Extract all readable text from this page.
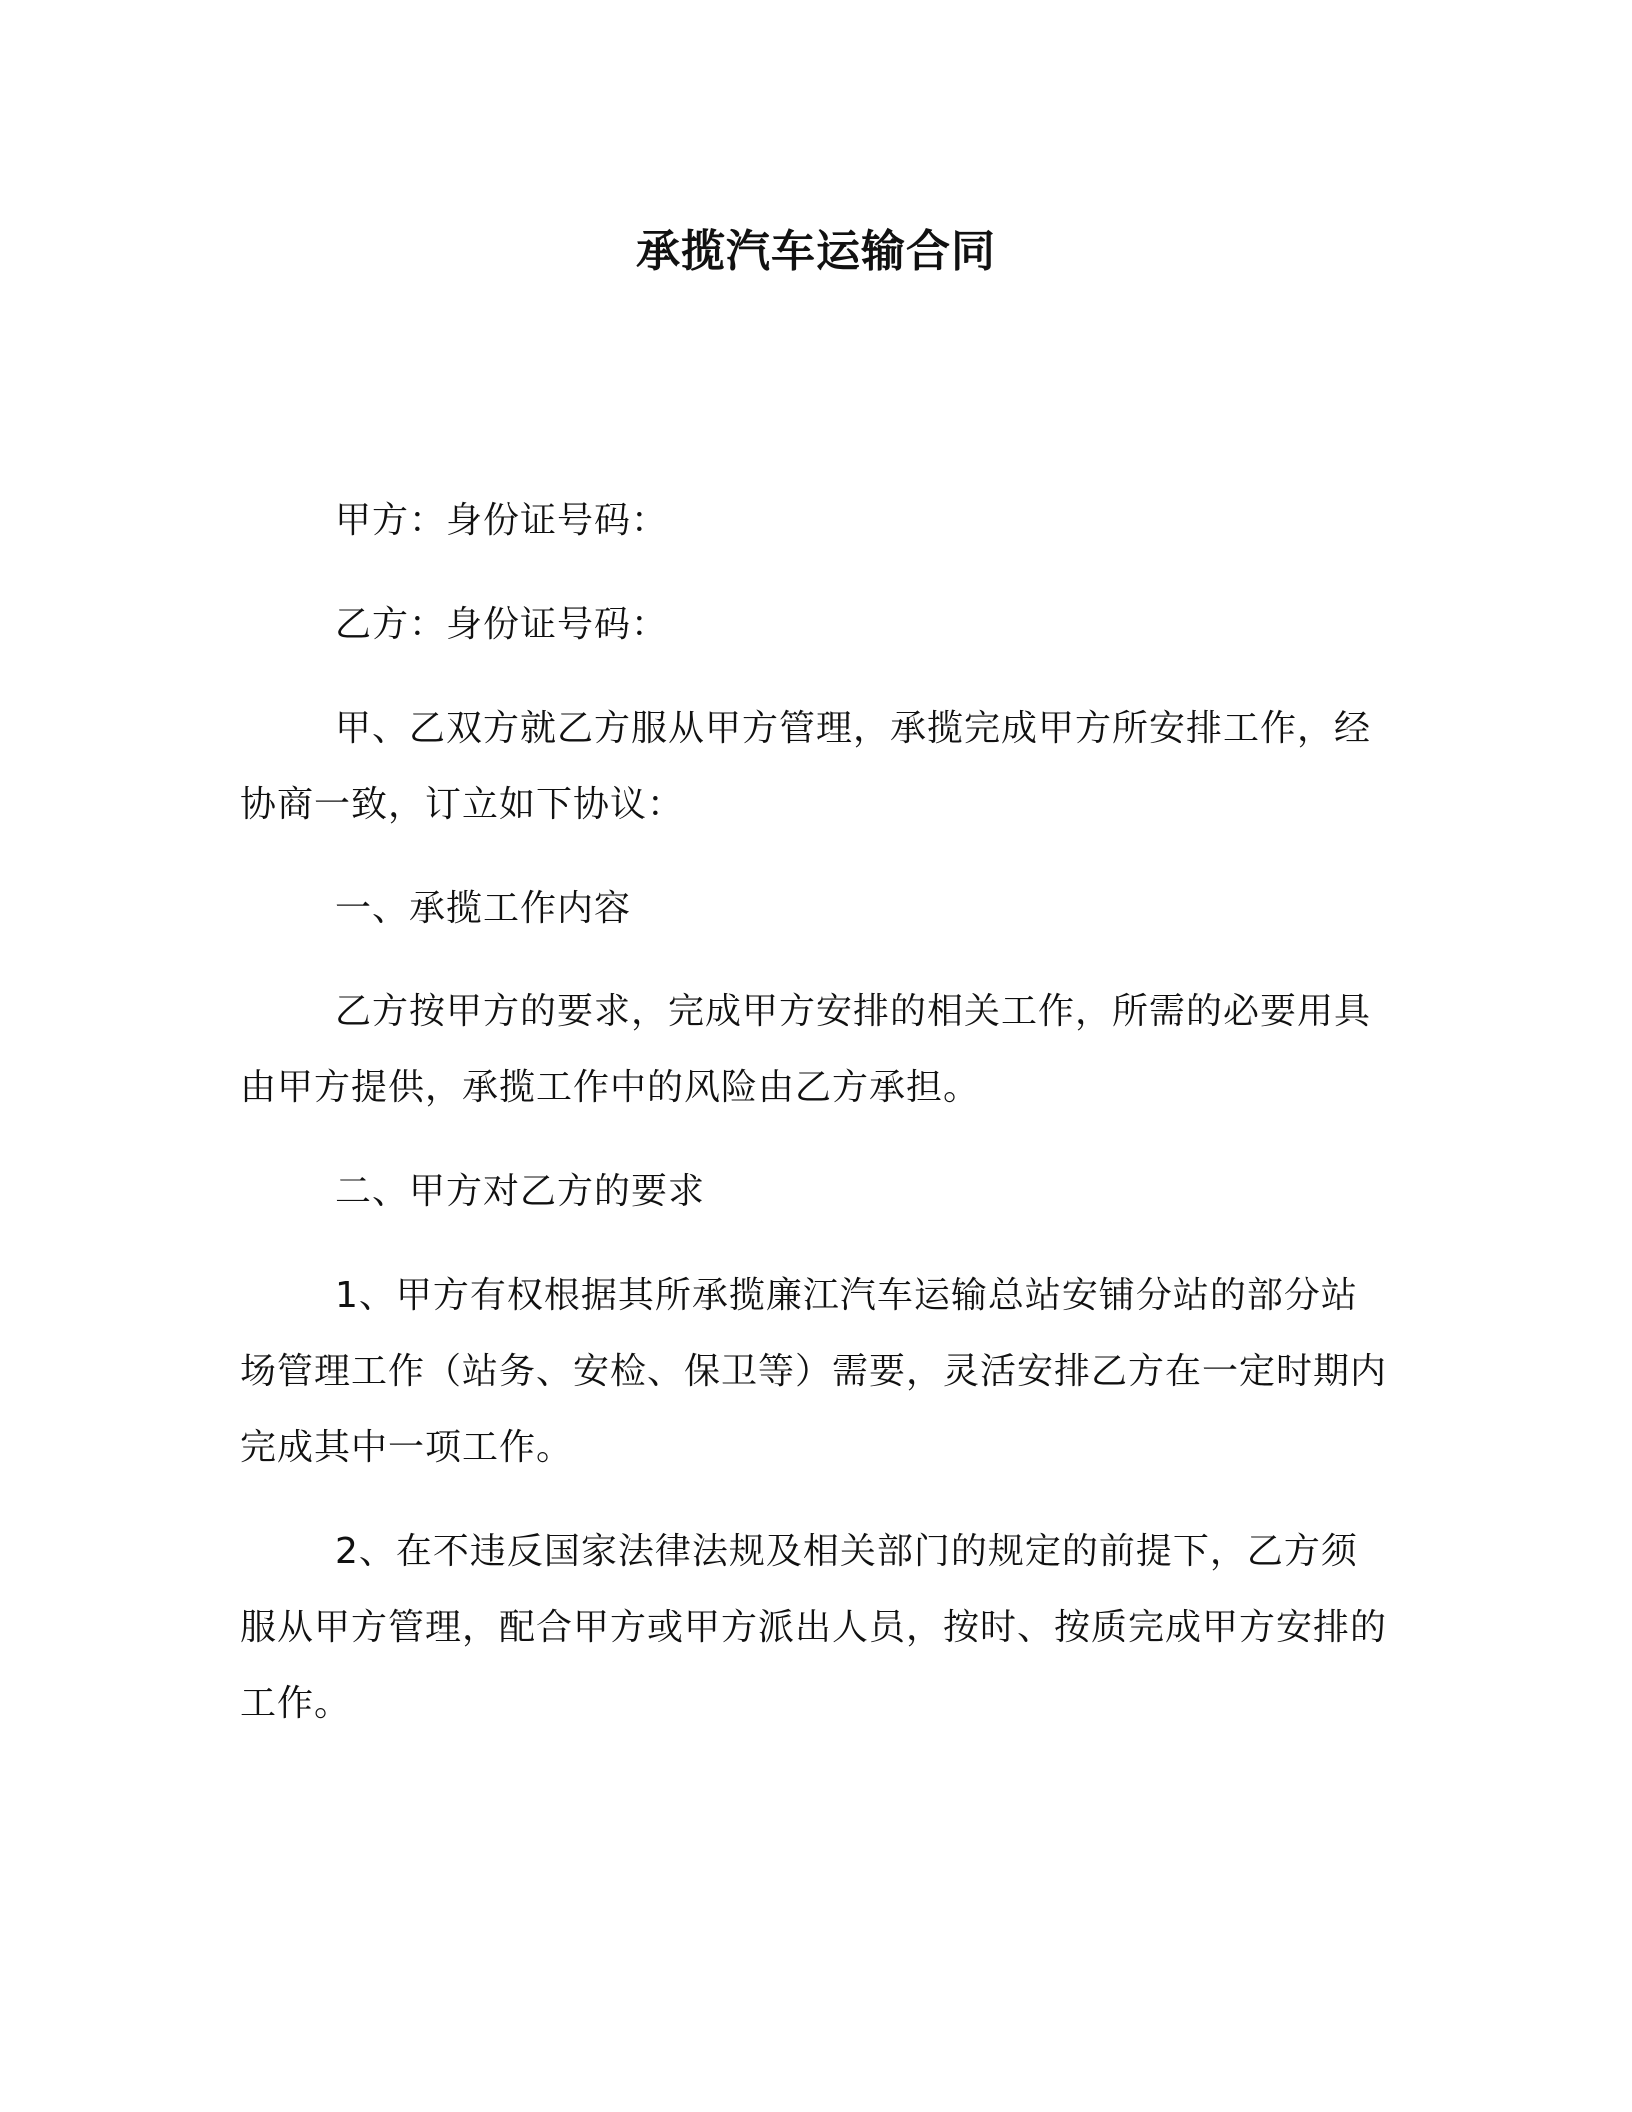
承揽汽车运输合同

甲方：身份证号码：

乙方：身份证号码：

甲、乙双方就乙方服从甲方管理，承揽完成甲方所安排工作，经协商一致，订立如下协议：

一、承揽工作内容

乙方按甲方的要求，完成甲方安排的相关工作，所需的必要用具由甲方提供，承揽工作中的风险由乙方承担。

二、甲方对乙方的要求

1、甲方有权根据其所承揽廉江汽车运输总站安铺分站的部分站场管理工作（站务、安检、保卫等）需要，灵活安排乙方在一定时期内完成其中一项工作。

2、在不违反国家法律法规及相关部门的规定的前提下，乙方须服从甲方管理，配合甲方或甲方派出人员，按时、按质完成甲方安排的工作。
